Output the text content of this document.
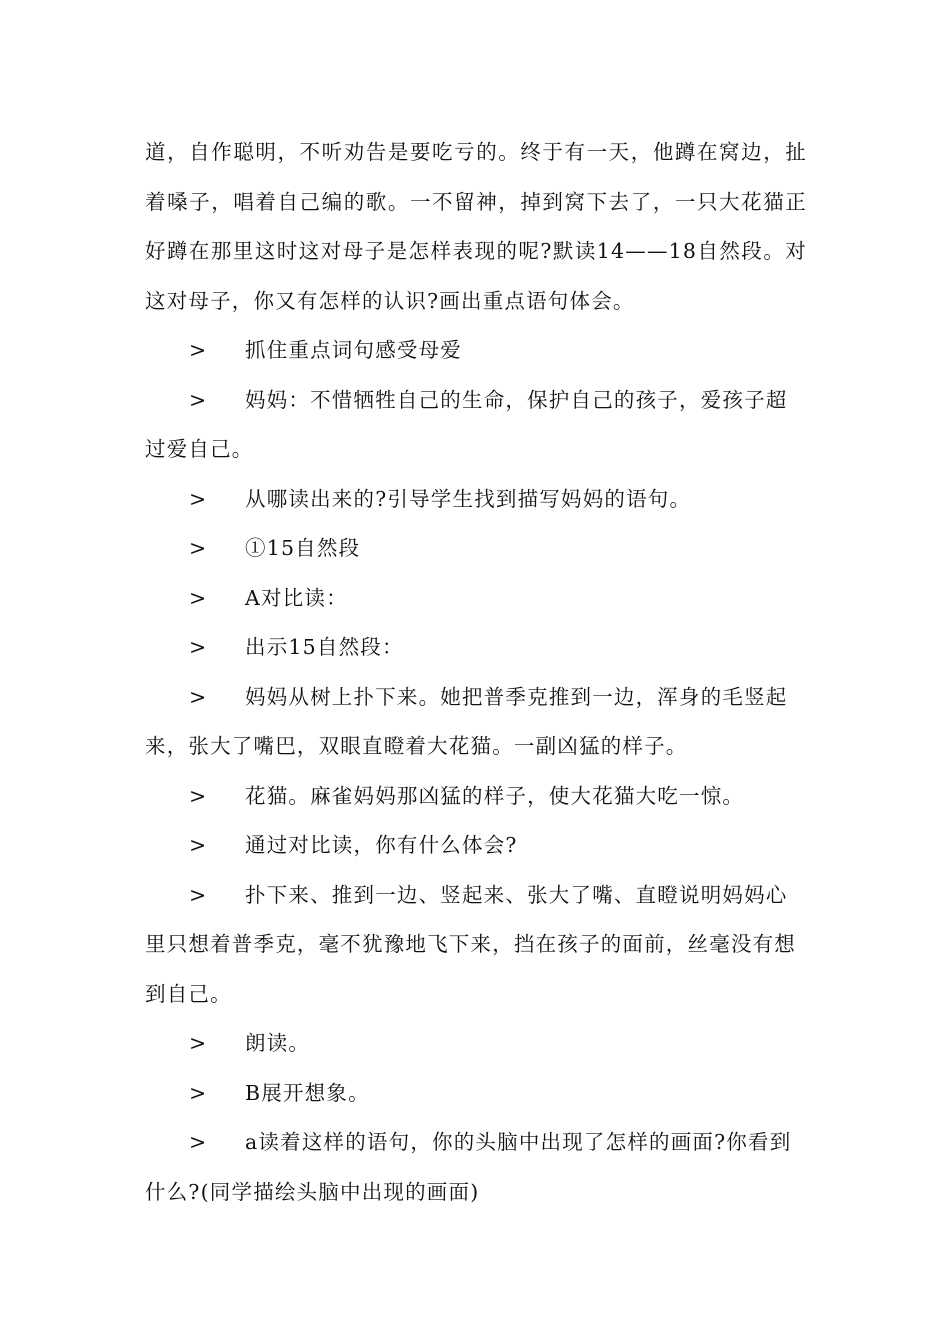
道，自作聪明，不听劝告是要吃亏的。终于有一天，他蹲在窝边，扯着嗓子，唱着自己编的歌。一不留神，掉到窝下去了，一只大花猫正好蹲在那里这时这对母子是怎样表现的呢?默读14——18自然段。对这对母子，你又有怎样的认识?画出重点语句体会。

> 抓住重点词句感受母爱
> 妈妈：不惜牺牲自己的生命，保护自己的孩子，爱孩子超过爱自己。
> 从哪读出来的?引导学生找到描写妈妈的语句。
> ①15自然段
> A对比读：
> 出示15自然段：
> 妈妈从树上扑下来。她把普季克推到一边，浑身的毛竖起来，张大了嘴巴，双眼直瞪着大花猫。一副凶猛的样子。
> 花猫。麻雀妈妈那凶猛的样子，使大花猫大吃一惊。
> 通过对比读，你有什么体会?
> 扑下来、推到一边、竖起来、张大了嘴、直瞪说明妈妈心里只想着普季克，毫不犹豫地飞下来，挡在孩子的面前，丝毫没有想到自己。
> 朗读。
> B展开想象。
> a读着这样的语句，你的头脑中出现了怎样的画面?你看到什么?(同学描绘头脑中出现的画面)
